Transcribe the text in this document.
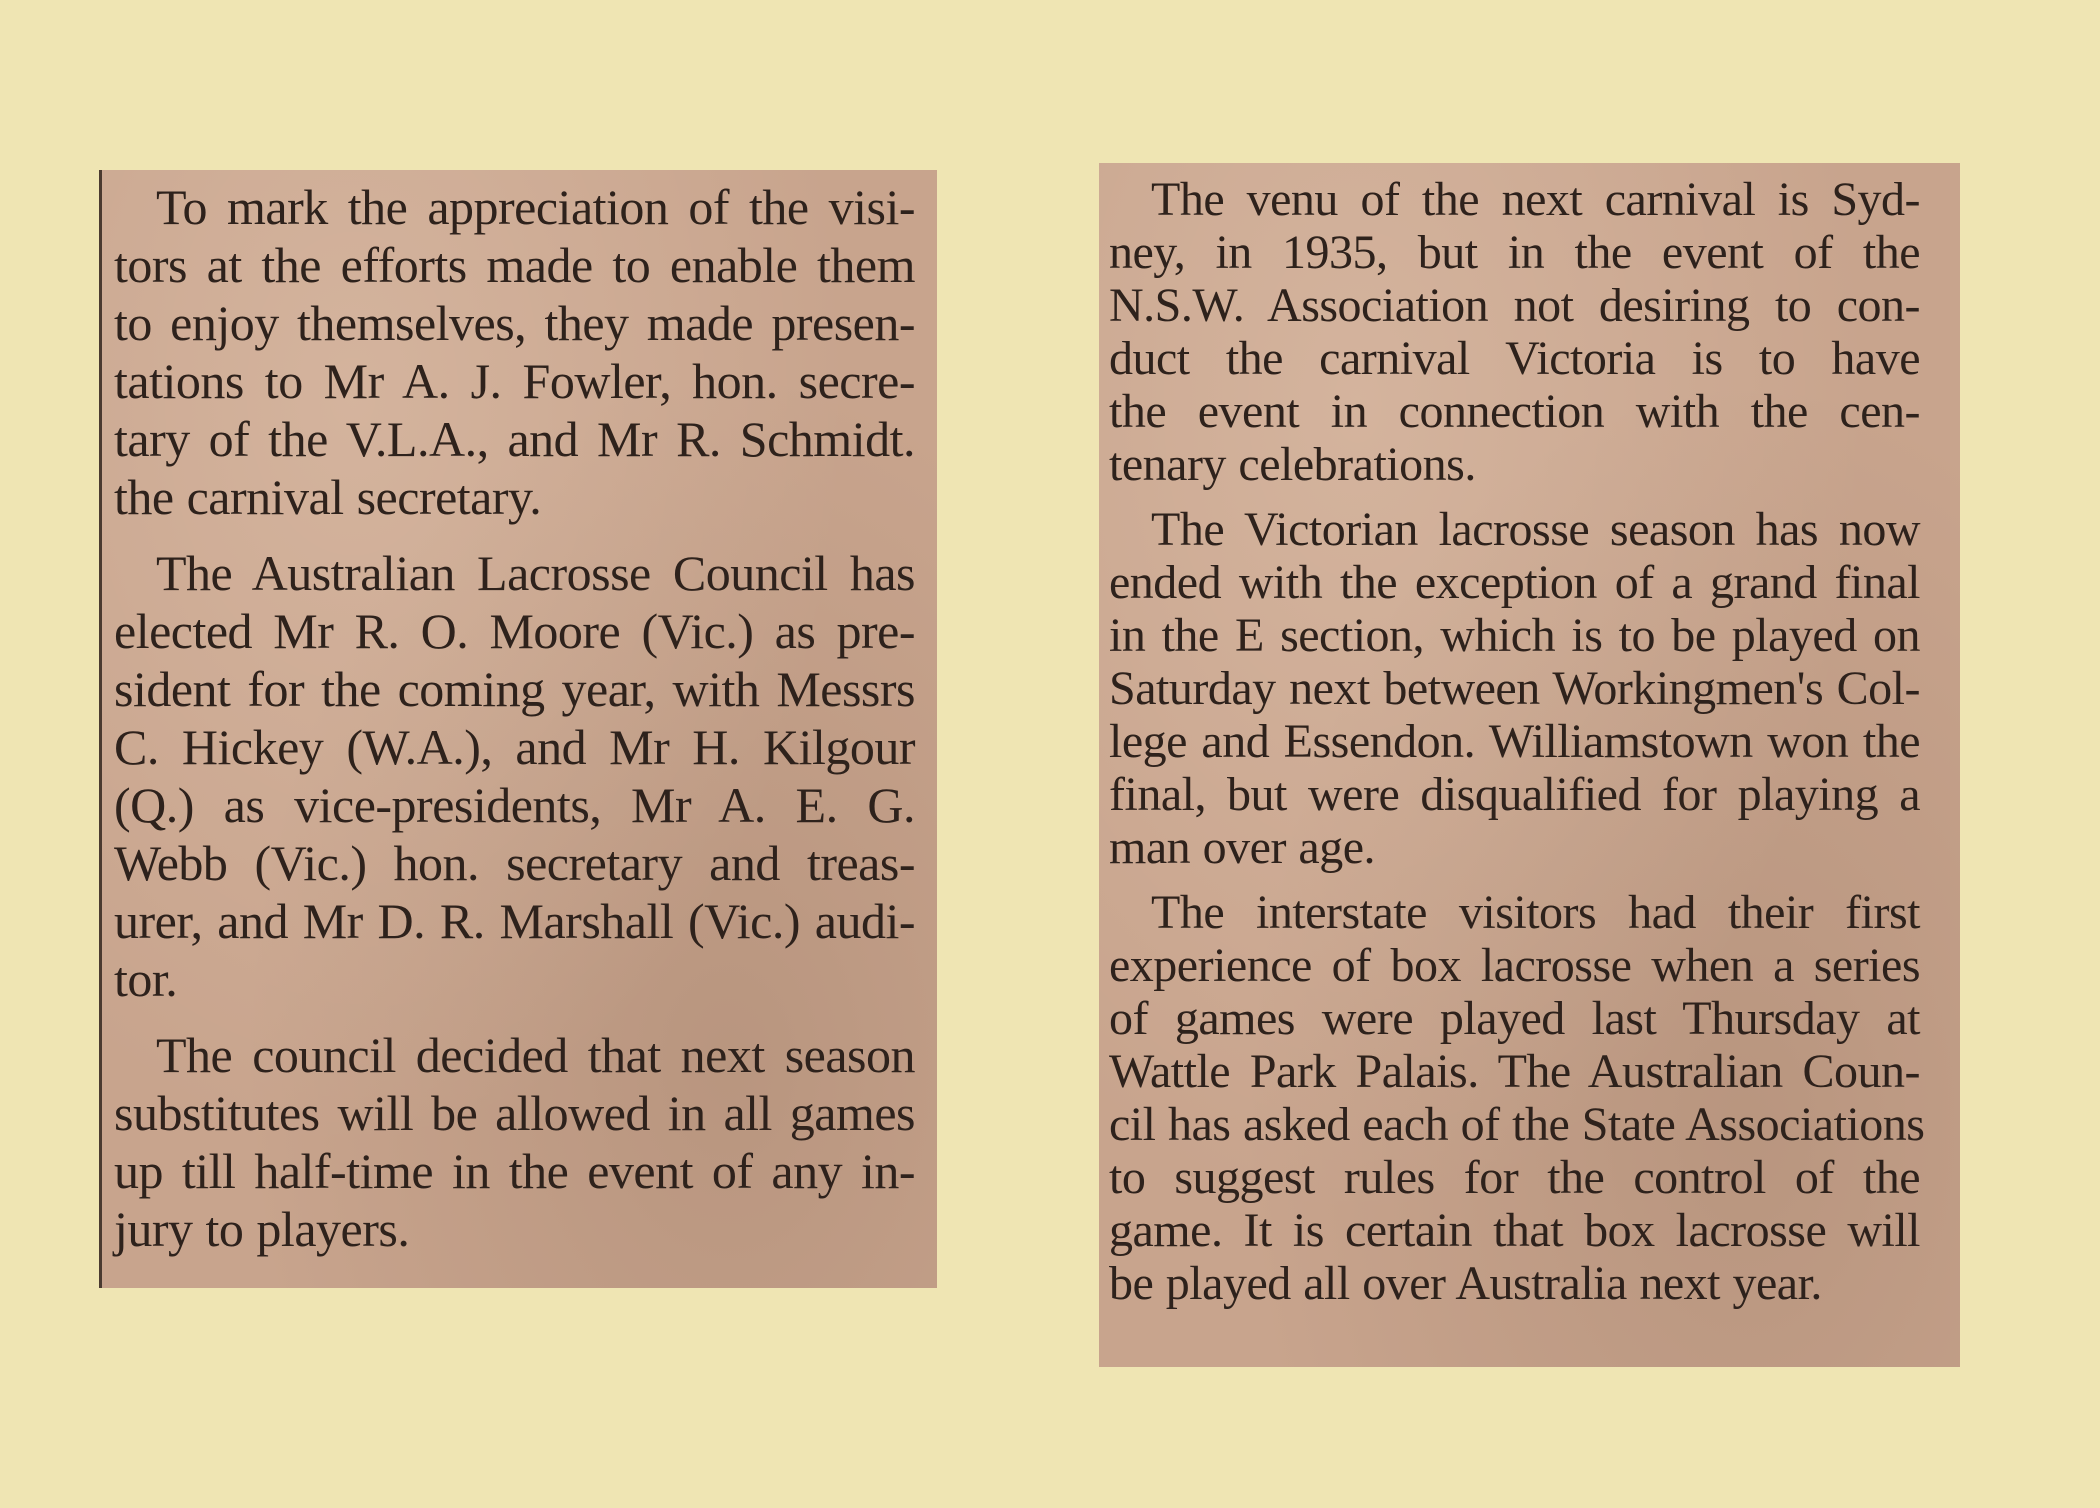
To mark the appreciation of the visi-
tors at the efforts made to enable them
to enjoy themselves, they made presen-
tations to Mr A. J. Fowler, hon. secre-
tary of the V.L.A., and Mr R. Schmidt.
the carnival secretary.

The Australian Lacrosse Council has
elected Mr R. O. Moore (Vic.) as pre-
sident for the coming year, with Messrs
C. Hickey (W.A.), and Mr H. Kilgour
(Q.) as vice-presidents, Mr A. E. G.
Webb (Vic.) hon. secretary and treas-
urer, and Mr D. R. Marshall (Vic.) audi-
tor.

The council decided that next season
substitutes will be allowed in all games
up till half-time in the event of any in-
jury to players.

The venu of the next carnival is Syd-
ney, in 1935, but in the event of the
N.S.W. Association not desiring to con-
duct the carnival Victoria is to have
the event in connection with the cen-
tenary celebrations.

The Victorian lacrosse season has now
ended with the exception of a grand final
in the E section, which is to be played on
Saturday next between Workingmen's Col-
lege and Essendon. Williamstown won the
final, but were disqualified for playing a
man over age.

The interstate visitors had their first
experience of box lacrosse when a series
of games were played last Thursday at
Wattle Park Palais. The Australian Coun-
cil has asked each of the State Associations
to suggest rules for the control of the
game. It is certain that box lacrosse will
be played all over Australia next year.
